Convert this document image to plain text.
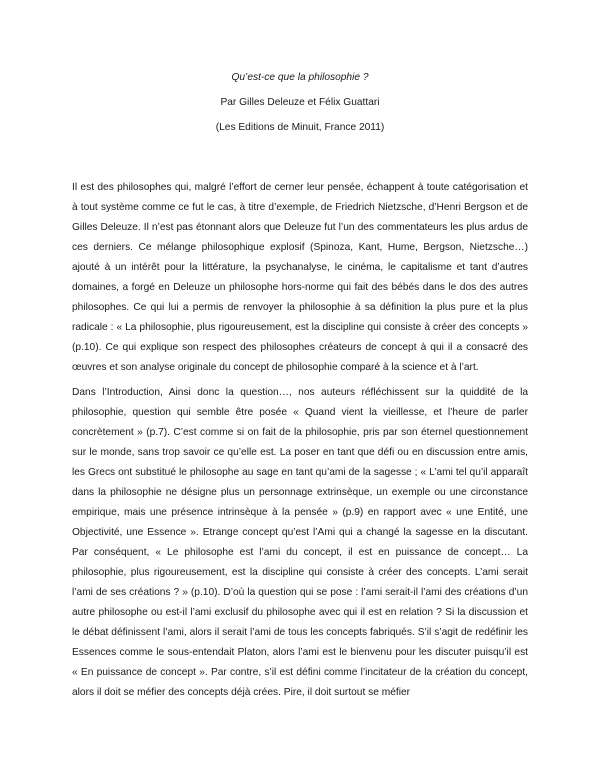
Qu’est-ce que la philosophie ?
Par Gilles Deleuze et Félix Guattari
(Les Editions de Minuit, France 2011)

Il est des philosophes qui, malgré l’effort de cerner leur pensée, échappent à toute catégorisation et à tout système comme ce fut le cas, à titre d’exemple, de Friedrich Nietzsche, d’Henri Bergson et de Gilles Deleuze. Il n’est pas étonnant alors que Deleuze fut l’un des commentateurs les plus ardus de ces derniers. Ce mélange philosophique explosif (Spinoza, Kant, Hume, Bergson, Nietzsche…) ajouté à un intérêt pour la littérature, la psychanalyse, le cinéma, le capitalisme et tant d’autres domaines, a forgé en Deleuze un philosophe hors-norme qui fait des bébés dans le dos des autres philosophes. Ce qui lui a permis de renvoyer la philosophie à sa définition la plus pure et la plus radicale : « La philosophie, plus rigoureusement, est la discipline qui consiste à créer des concepts » (p.10). Ce qui explique son respect des philosophes créateurs de concept à qui il a consacré des œuvres et son analyse originale du concept de philosophie comparé à la science et à l’art.

Dans l’Introduction, Ainsi donc la question…, nos auteurs réfléchissent sur la quiddité de la philosophie, question qui semble être posée « Quand vient la vieillesse, et l’heure de parler concrètement » (p.7). C’est comme si on fait de la philosophie, pris par son éternel questionnement sur le monde, sans trop savoir ce qu’elle est. La poser en tant que défi ou en discussion entre amis, les Grecs ont substitué le philosophe au sage en tant qu’ami de la sagesse ; « L’ami tel qu’il apparaît dans la philosophie ne désigne plus un personnage extrinsèque, un exemple ou une circonstance empirique, mais une présence intrinsèque à la pensée » (p.9) en rapport avec « une Entité, une Objectivité, une Essence ». Etrange concept qu’est l’Ami qui a changé la sagesse en la discutant. Par conséquent, « Le philosophe est l’ami du concept, il est en puissance de concept… La philosophie, plus rigoureusement, est la discipline qui consiste à créer des concepts. L’ami serait l’ami de ses créations ? » (p.10). D’où la question qui se pose : l’ami serait-il l’ami des créations d’un autre philosophe ou est-il l’ami exclusif du philosophe avec qui il est en relation ? Si la discussion et le débat définissent l’ami, alors il serait l’ami de tous les concepts fabriqués. S’il s’agit de redéfinir les Essences comme le sous-entendait Platon, alors l’ami est le bienvenu pour les discuter puisqu’il est « En puissance de concept ». Par contre, s’il est défini comme l’incitateur de la création du concept, alors il doit se méfier des concepts déjà crées. Pire, il doit surtout se méfier
